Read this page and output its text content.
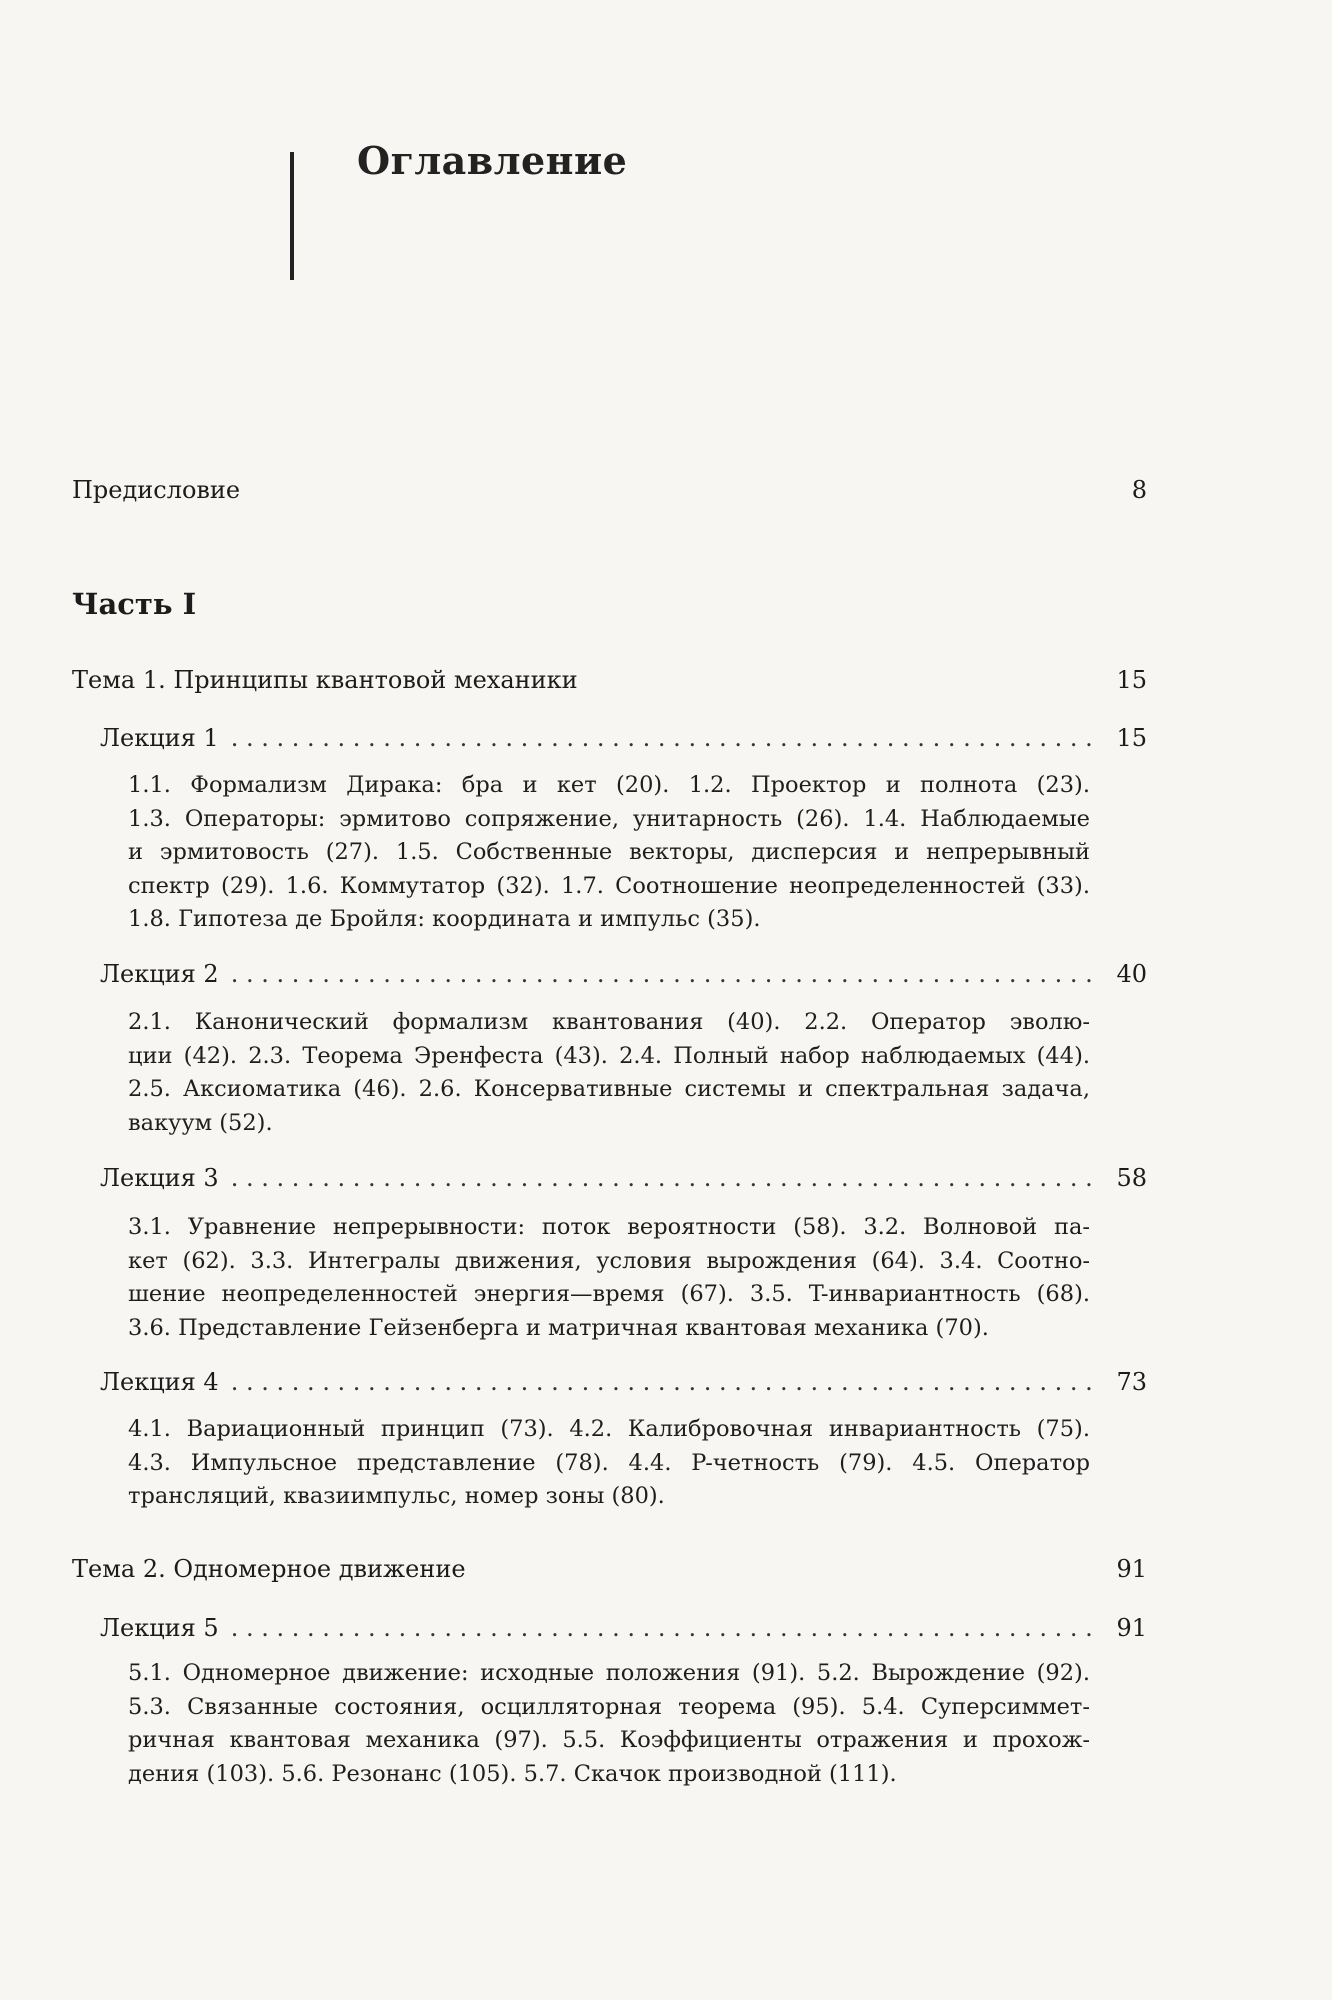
Оглавление
Предисловие	8
Часть I
Тема 1. Принципы квантовой механики	15
Лекция 1 . . .	15
1.1. Формализм Дирака: бра и кет (20). 1.2. Проектор и полнота (23).
1.3. Операторы: эрмитово сопряжение, унитарность (26). 1.4. Наблюдаемые
и эрмитовость (27). 1.5. Собственные векторы, дисперсия и непрерывный
спектр (29). 1.6. Коммутатор (32). 1.7. Соотношение неопределенностей (33).
1.8. Гипотеза де Бройля: координата и импульс (35).
Лекция 2 . . .	40
2.1. Канонический формализм квантования (40). 2.2. Оператор эволю-
ции (42). 2.3. Теорема Эренфеста (43). 2.4. Полный набор наблюдаемых (44).
2.5. Аксиоматика (46). 2.6. Консервативные системы и спектральная задача,
вакуум (52).
Лекция 3 . . .	58
3.1. Уравнение непрерывности: поток вероятности (58). 3.2. Волновой па-
кет (62). 3.3. Интегралы движения, условия вырождения (64). 3.4. Соотно-
шение неопределенностей энергия—время (67). 3.5. T-инвариантность (68).
3.6. Представление Гейзенберга и матричная квантовая механика (70).
Лекция 4 . . .	73
4.1. Вариационный принцип (73). 4.2. Калибровочная инвариантность (75).
4.3. Импульсное представление (78). 4.4. P-четность (79). 4.5. Оператор
трансляций, квазиимпульс, номер зоны (80).
Тема 2. Одномерное движение	91
Лекция 5 . . .	91
5.1. Одномерное движение: исходные положения (91). 5.2. Вырождение (92).
5.3. Связанные состояния, осцилляторная теорема (95). 5.4. Суперсиммет-
ричная квантовая механика (97). 5.5. Коэффициенты отражения и прохож-
дения (103). 5.6. Резонанс (105). 5.7. Скачок производной (111).
